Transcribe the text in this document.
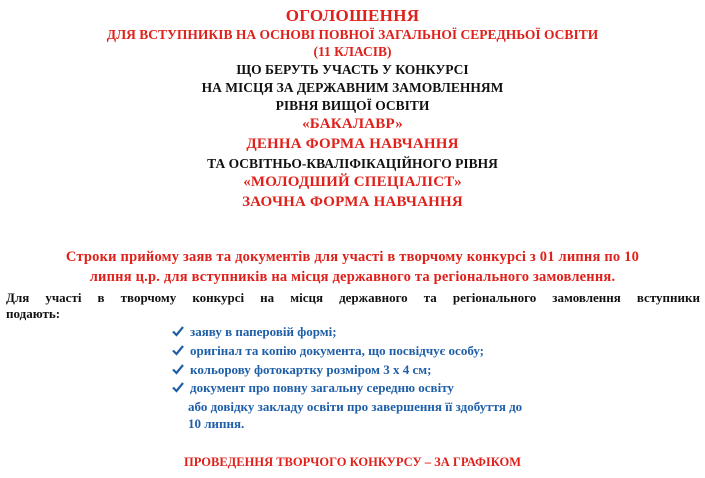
ОГОЛОШЕННЯ
ДЛЯ ВСТУПНИКІВ НА ОСНОВІ ПОВНОЇ ЗАГАЛЬНОЇ СЕРЕДНЬОЇ ОСВІТИ
(11 КЛАСІВ)
ЩО БЕРУТЬ УЧАСТЬ У КОНКУРСІ
НА МІСЦЯ ЗА ДЕРЖАВНИМ ЗАМОВЛЕННЯМ
РІВНЯ ВИЩОЇ ОСВІТИ
«БАКАЛАВР»
ДЕННА ФОРМА НАВЧАННЯ
ТА ОСВІТНЬО-КВАЛІФІКАЦІЙНОГО РІВНЯ
«МОЛОДШИЙ СПЕЦІАЛІСТ»
ЗАОЧНА ФОРМА НАВЧАННЯ
Строки прийому заяв та документів для участі в творчому конкурсі з 01 липня по 10
липня ц.р. для вступників на місця державного та регіонального замовлення.
Для участі в творчому конкурсі на місця державного та регіонального замовлення вступники
подають:
заяву в паперовій формі;
оригінал та копію документа, що посвідчує особу;
кольорову фотокартку розміром 3 х 4 см;
документ про повну загальну середню освіту
або довідку закладу освіти про завершення її здобуття до
10 липня.
ПРОВЕДЕННЯ ТВОРЧОГО КОНКУРСУ – ЗА ГРАФІКОМ
